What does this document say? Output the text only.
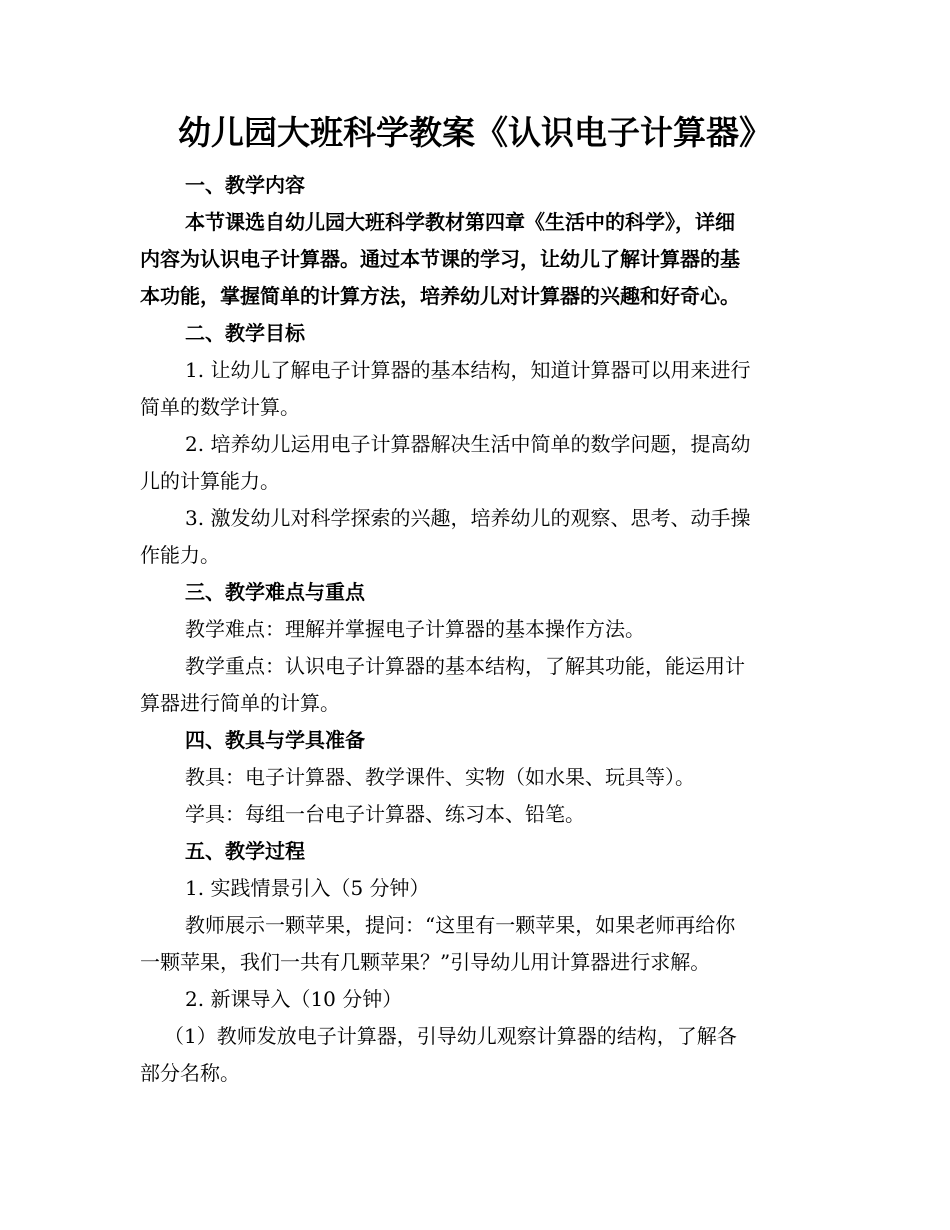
幼儿园大班科学教案《认识电子计算器》
一、教学内容
本节课选自幼儿园大班科学教材第四章《生活中的科学》，详细
内容为认识电子计算器。通过本节课的学习，让幼儿了解计算器的基
本功能，掌握简单的计算方法，培养幼儿对计算器的兴趣和好奇心。
二、教学目标
1. 让幼儿了解电子计算器的基本结构，知道计算器可以用来进行
简单的数学计算。
2. 培养幼儿运用电子计算器解决生活中简单的数学问题，提高幼
儿的计算能力。
3. 激发幼儿对科学探索的兴趣，培养幼儿的观察、思考、动手操
作能力。
三、教学难点与重点
教学难点：理解并掌握电子计算器的基本操作方法。
教学重点：认识电子计算器的基本结构，了解其功能，能运用计
算器进行简单的计算。
四、教具与学具准备
教具：电子计算器、教学课件、实物（如水果、玩具等）。
学具：每组一台电子计算器、练习本、铅笔。
五、教学过程
1. 实践情景引入（5 分钟）
教师展示一颗苹果，提问：“这里有一颗苹果，如果老师再给你
一颗苹果，我们一共有几颗苹果？”引导幼儿用计算器进行求解。
2. 新课导入（10 分钟）
（1）教师发放电子计算器，引导幼儿观察计算器的结构，了解各
部分名称。
